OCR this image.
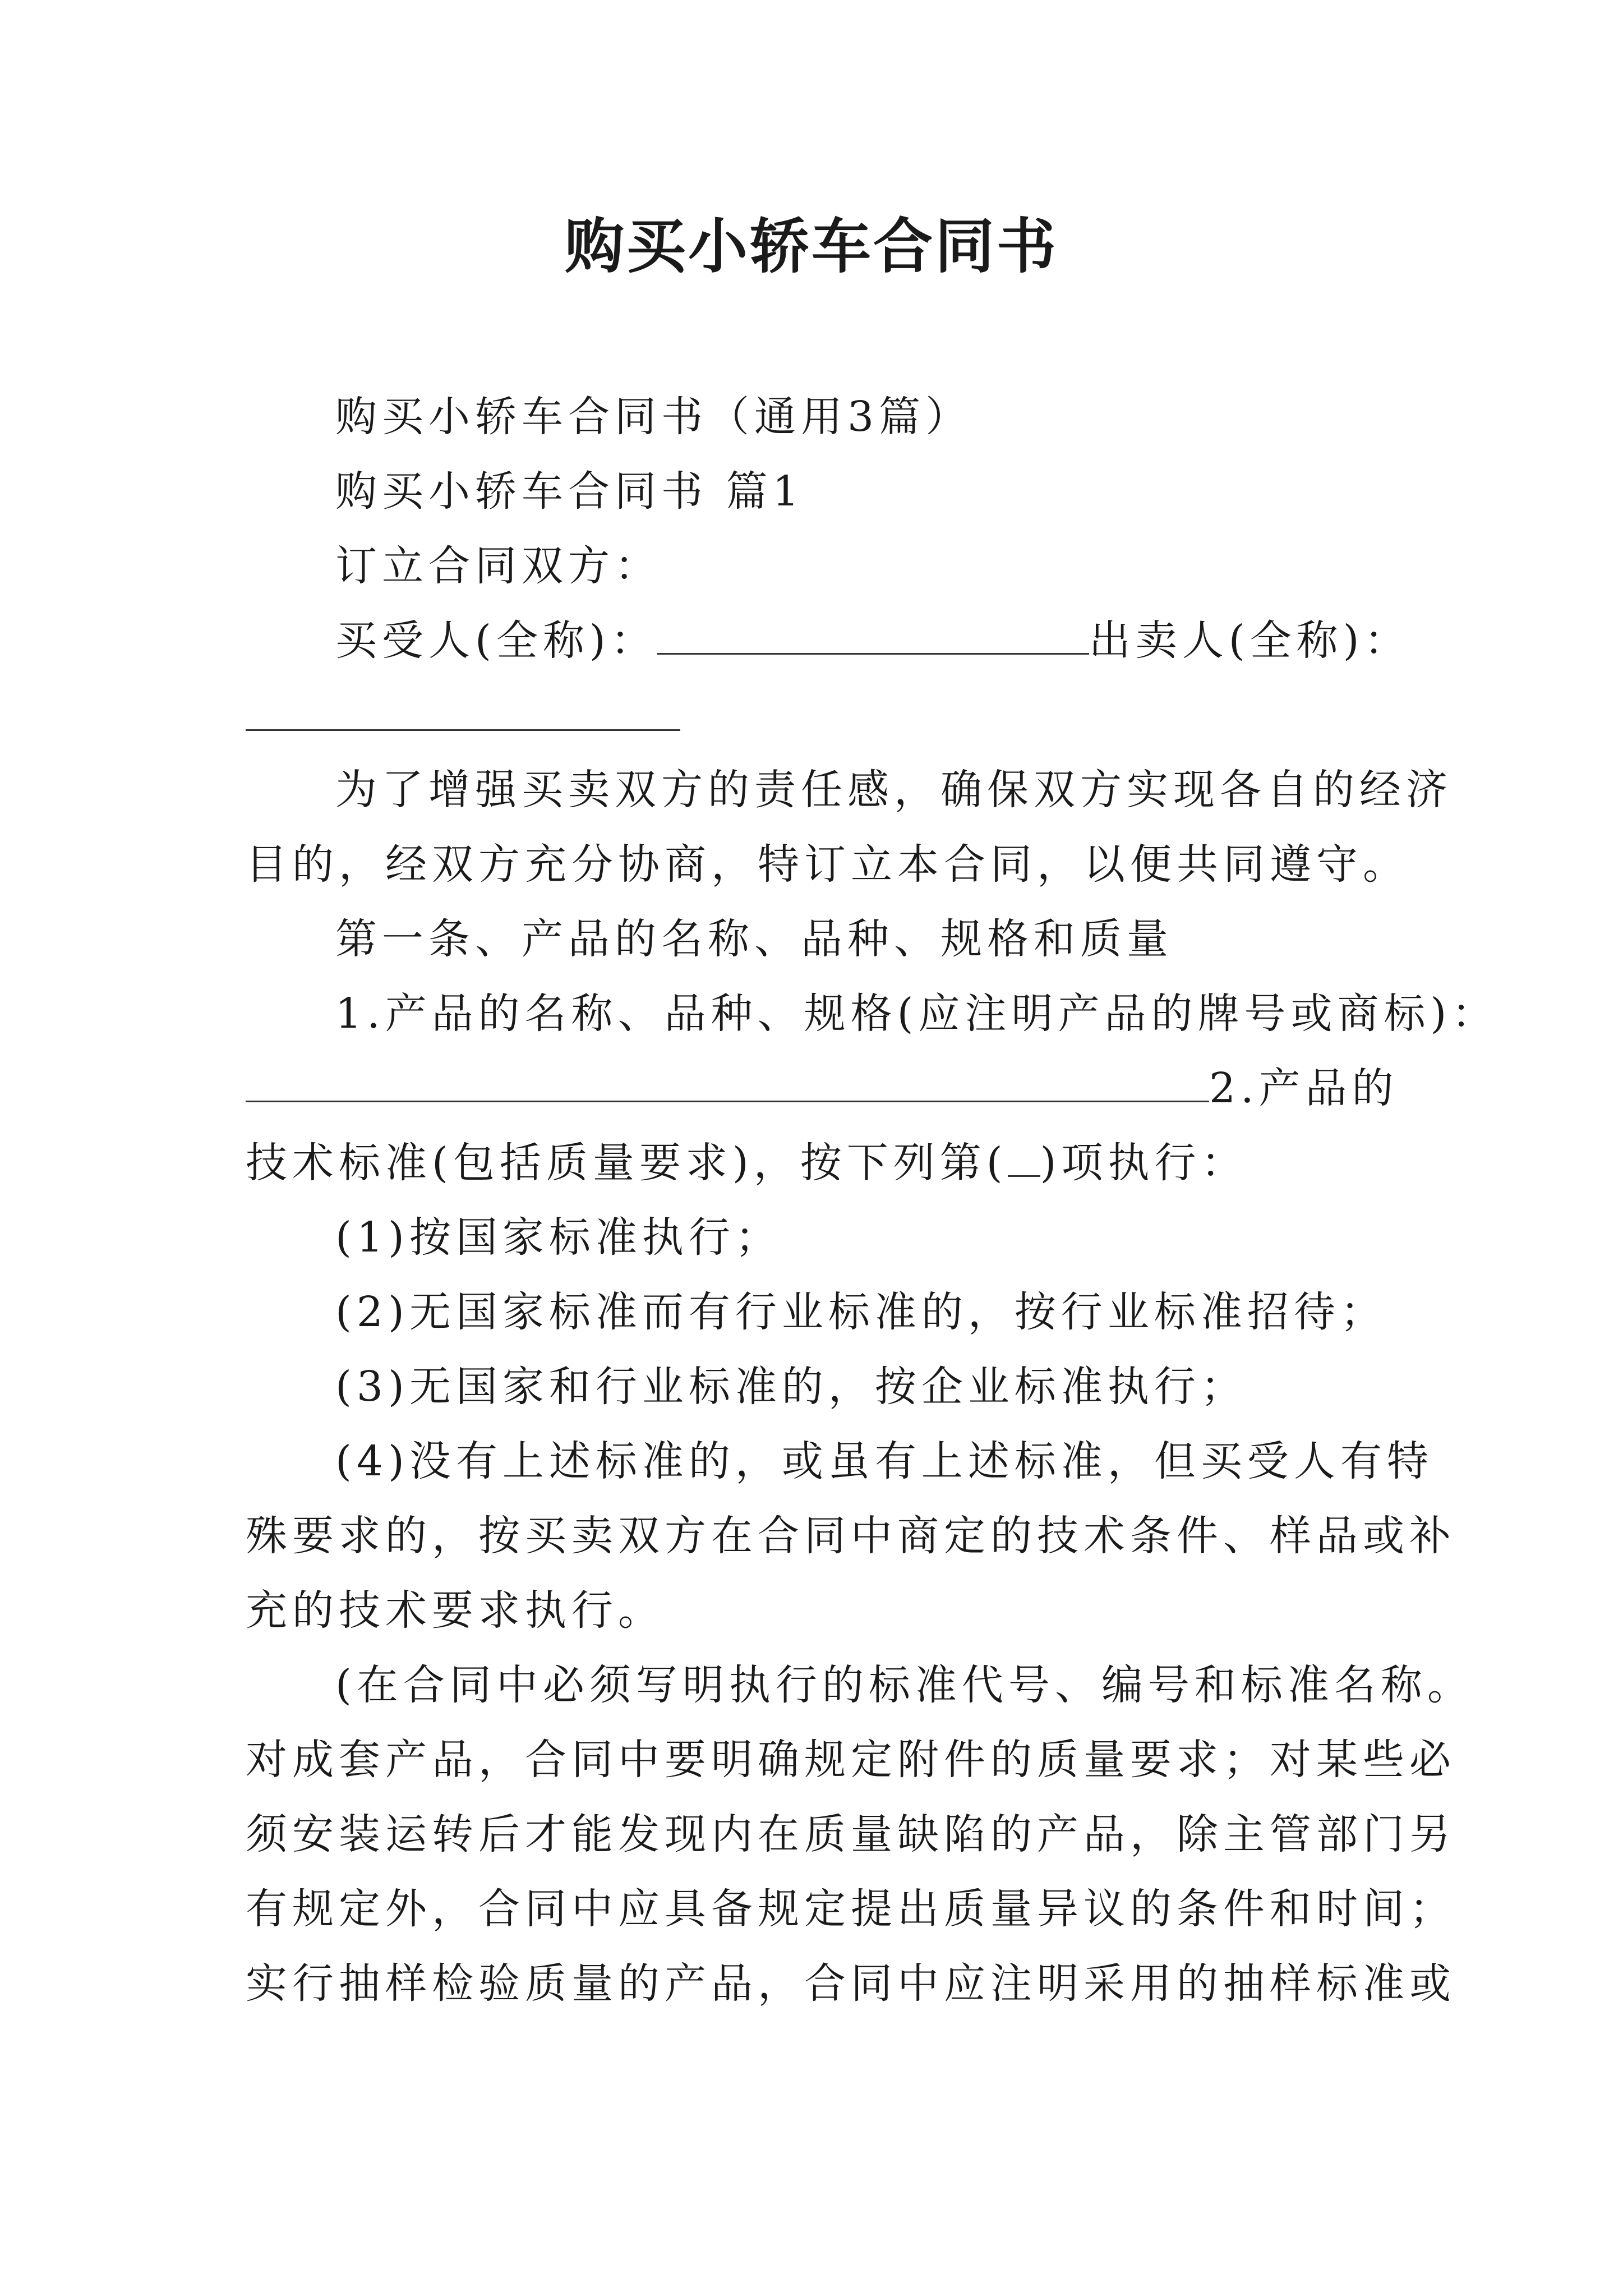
购买小轿车合同书
购买小轿车合同书（通用3篇）
购买小轿车合同书 篇1
订立合同双方：
买受人(全称)：	出卖人(全称)：
为了增强买卖双方的责任感，确保双方实现各自的经济
目的，经双方充分协商，特订立本合同，以便共同遵守。
第一条、产品的名称、品种、规格和质量
1.产品的名称、品种、规格(应注明产品的牌号或商标)：
2.产品的
技术标准(包括质量要求)，按下列第( )项执行：
(1)按国家标准执行；
(2)无国家标准而有行业标准的，按行业标准招待；
(3)无国家和行业标准的，按企业标准执行；
(4)没有上述标准的，或虽有上述标准，但买受人有特
殊要求的，按买卖双方在合同中商定的技术条件、样品或补
充的技术要求执行。
(在合同中必须写明执行的标准代号、编号和标准名称。
对成套产品，合同中要明确规定附件的质量要求；对某些必
须安装运转后才能发现内在质量缺陷的产品，除主管部门另
有规定外，合同中应具备规定提出质量异议的条件和时间；
实行抽样检验质量的产品，合同中应注明采用的抽样标准或
